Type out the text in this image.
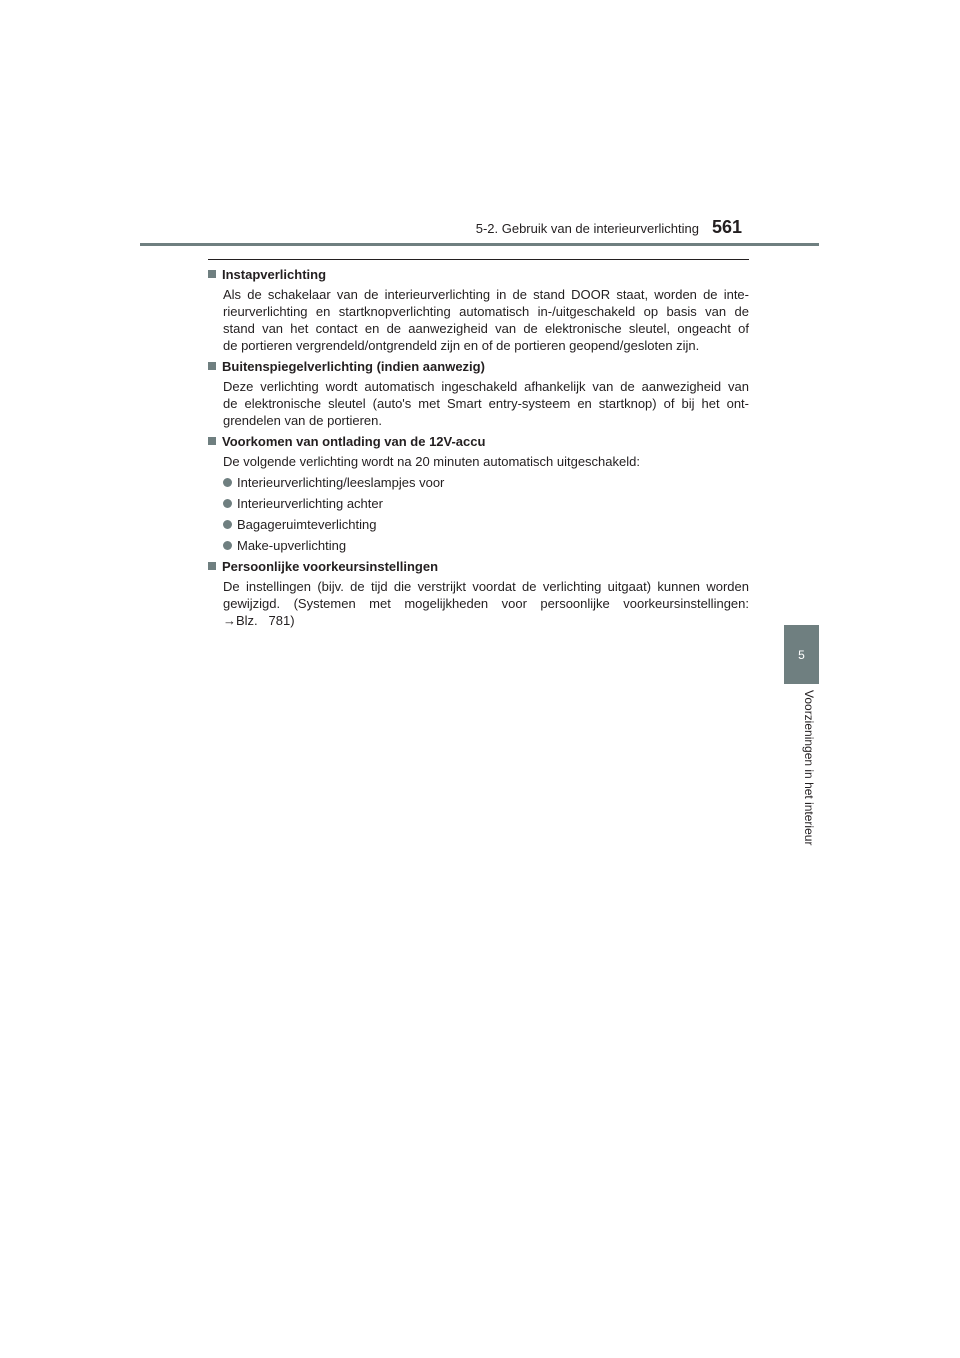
5-2. Gebruik van de interieurverlichting 561
5
Voorzieningen in het interieur
Instapverlichting

Als de schakelaar van de interieurverlichting in de stand DOOR staat, worden de inte-
rieurverlichting en startknopverlichting automatisch in-/uitgeschakeld op basis van de
stand van het contact en de aanwezigheid van de elektronische sleutel, ongeacht of
de portieren vergrendeld/ontgrendeld zijn en of de portieren geopend/gesloten zijn.

Buitenspiegelverlichting (indien aanwezig)

Deze verlichting wordt automatisch ingeschakeld afhankelijk van de aanwezigheid van
de elektronische sleutel (auto's met Smart entry-systeem en startknop) of bij het ont-
grendelen van de portieren.

Voorkomen van ontlading van de 12V-accu

De volgende verlichting wordt na 20 minuten automatisch uitgeschakeld:

Interieurverlichting/leeslampjes voor
Interieurverlichting achter
Bagageruimteverlichting
Make-upverlichting
Persoonlijke voorkeursinstellingen

De instellingen (bijv. de tijd die verstrijkt voordat de verlichting uitgaat) kunnen worden
gewijzigd. (Systemen met mogelijkheden voor persoonlijke voorkeursinstellingen:
→Blz.   781)
